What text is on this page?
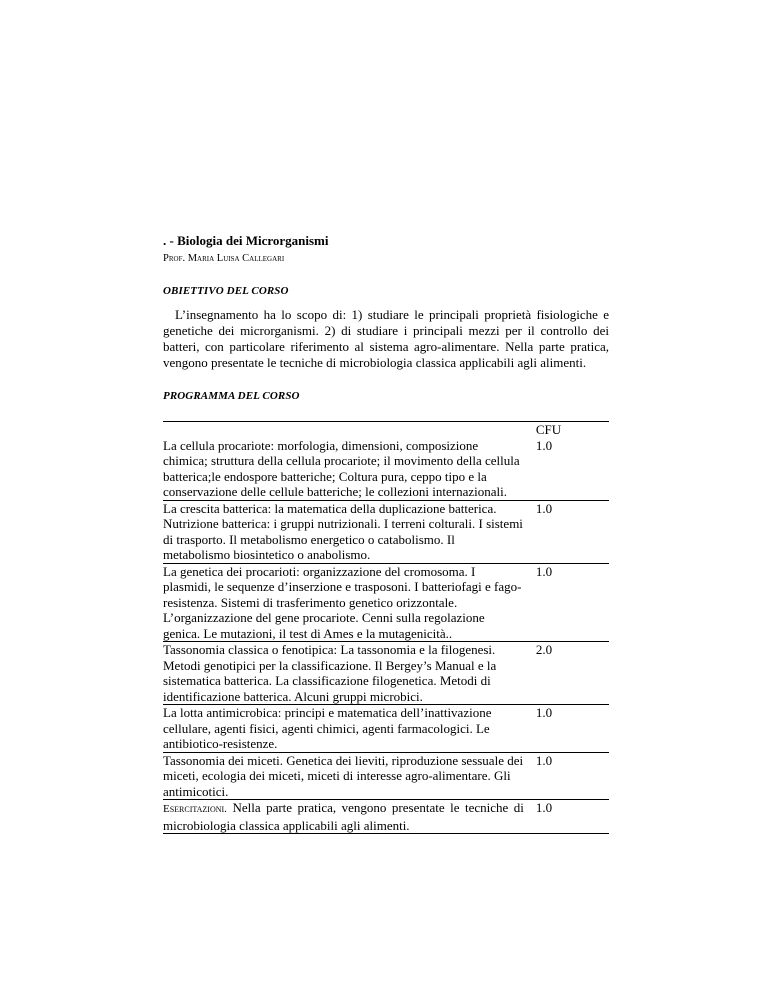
. - Biologia dei Microrganismi

Prof. Maria Luisa Callegari

OBIETTIVO DEL CORSO

L’insegnamento ha lo scopo di: 1) studiare le principali proprietà fisiologiche e genetiche dei microrganismi. 2) di studiare i principali mezzi per il controllo dei batteri, con particolare riferimento al sistema agro-alimentare. Nella parte pratica, vengono presentate le tecniche di microbiologia classica applicabili agli alimenti.

PROGRAMMA DEL CORSO

	CFU
La cellula procariote: morfologia, dimensioni, composizione chimica; struttura della cellula procariote; il movimento della cellula batterica;le endospore batteriche; Coltura pura, ceppo tipo e la conservazione delle cellule batteriche; le collezioni internazionali.	1.0
La crescita batterica: la matematica della duplicazione batterica. Nutrizione batterica: i gruppi nutrizionali. I terreni colturali. I sistemi di trasporto. Il metabolismo energetico o catabolismo. Il metabolismo biosintetico o anabolismo.	1.0
La genetica dei procarioti: organizzazione del cromosoma. I plasmidi, le sequenze d’inserzione e trasposoni. I batteriofagi e fago-resistenza. Sistemi di trasferimento genetico orizzontale. L’organizzazione del gene procariote. Cenni sulla regolazione genica. Le mutazioni, il test di Ames e la mutagenicità..	1.0
Tassonomia classica o fenotipica: La tassonomia e la filogenesi. Metodi genotipici per la classificazione. Il Bergey’s Manual e la sistematica batterica. La classificazione filogenetica. Metodi di identificazione batterica. Alcuni gruppi microbici.	2.0
La lotta antimicrobica: principi e matematica dell’inattivazione cellulare, agenti fisici, agenti chimici, agenti farmacologici. Le antibiotico-resistenze.	1.0
Tassonomia dei miceti. Genetica dei lieviti, riproduzione sessuale dei miceti, ecologia dei miceti, miceti di interesse agro-alimentare. Gli antimicotici.	1.0
Esercitazioni. Nella parte pratica, vengono presentate le tecniche di microbiologia classica applicabili agli alimenti.	1.0
